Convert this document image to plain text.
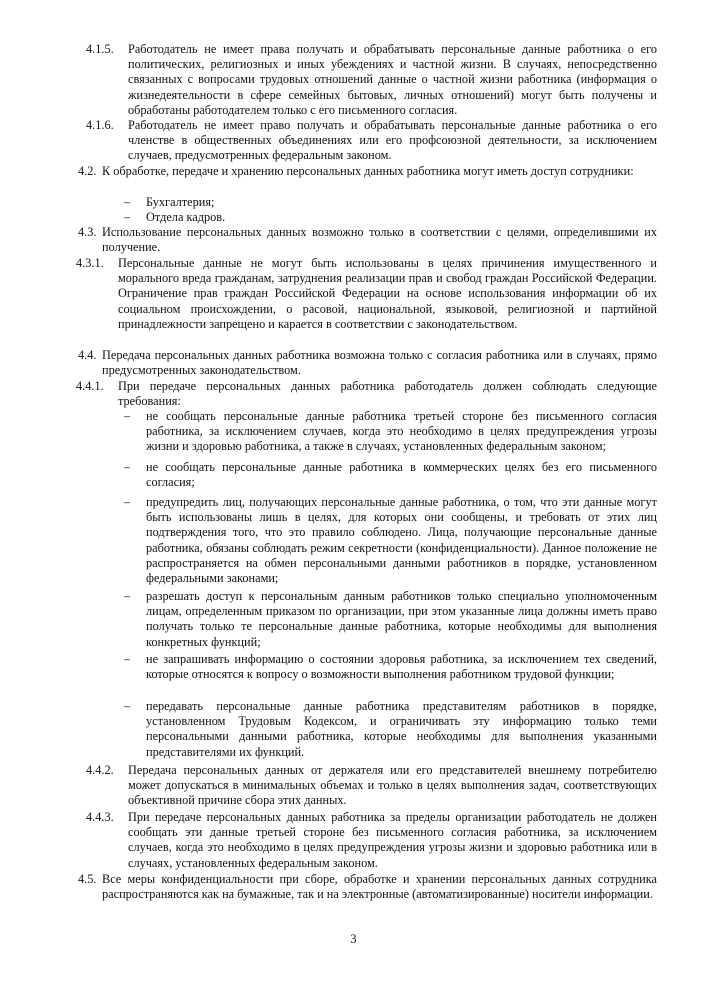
4.1.5. Работодатель не имеет права получать и обрабатывать персональные данные работника о его политических, религиозных и иных убеждениях и частной жизни. В случаях, непосредственно связанных с вопросами трудовых отношений данные о частной жизни работника (информация о жизнедеятельности в сфере семейных бытовых, личных отношений) могут быть получены и обработаны работодателем только с его письменного согласия.
4.1.6. Работодатель не имеет право получать и обрабатывать персональные данные работника о его членстве в общественных объединениях или его профсоюзной деятельности, за исключением случаев, предусмотренных федеральным законом.
4.2. К обработке, передаче и хранению персональных данных работника могут иметь доступ сотрудники:
– Бухгалтерия;
– Отдела кадров.
4.3. Использование персональных данных возможно только в соответствии с целями, определившими их получение.
4.3.1. Персональные данные не могут быть использованы в целях причинения имущественного и морального вреда гражданам, затруднения реализации прав и свобод граждан Российской Федерации. Ограничение прав граждан Российской Федерации на основе использования информации об их социальном происхождении, о расовой, национальной, языковой, религиозной и партийной принадлежности запрещено и карается в соответствии с законодательством.
4.4. Передача персональных данных работника возможна только с согласия работника или в случаях, прямо предусмотренных законодательством.
4.4.1. При передаче персональных данных работника работодатель должен соблюдать следующие требования:
– не сообщать персональные данные работника третьей стороне без письменного согласия работника, за исключением случаев, когда это необходимо в целях предупреждения угрозы жизни и здоровью работника, а также в случаях, установленных федеральным законом;
– не сообщать персональные данные работника в коммерческих целях без его письменного согласия;
– предупредить лиц, получающих персональные данные работника, о том, что эти данные могут быть использованы лишь в целях, для которых они сообщены, и требовать от этих лиц подтверждения того, что это правило соблюдено. Лица, получающие персональные данные работника, обязаны соблюдать режим секретности (конфиденциальности). Данное положение не распространяется на обмен персональными данными работников в порядке, установленном федеральными законами;
– разрешать доступ к персональным данным работников только специально уполномоченным лицам, определенным приказом по организации, при этом указанные лица должны иметь право получать только те персональные данные работника, которые необходимы для выполнения конкретных функций;
– не запрашивать информацию о состоянии здоровья работника, за исключением тех сведений, которые относятся к вопросу о возможности выполнения работником трудовой функции;
– передавать персональные данные работника представителям работников в порядке, установленном Трудовым Кодексом, и ограничивать эту информацию только теми персональными данными работника, которые необходимы для выполнения указанными представителями их функций.
4.4.2. Передача персональных данных от держателя или его представителей внешнему потребителю может допускаться в минимальных объемах и только в целях выполнения задач, соответствующих объективной причине сбора этих данных.
4.4.3. При передаче персональных данных работника за пределы организации работодатель не должен сообщать эти данные третьей стороне без письменного согласия работника, за исключением случаев, когда это необходимо в целях предупреждения угрозы жизни и здоровью работника или в случаях, установленных федеральным законом.
4.5. Все меры конфиденциальности при сборе, обработке и хранении персональных данных сотрудника распространяются как на бумажные, так и на электронные (автоматизированные) носители информации.
3
